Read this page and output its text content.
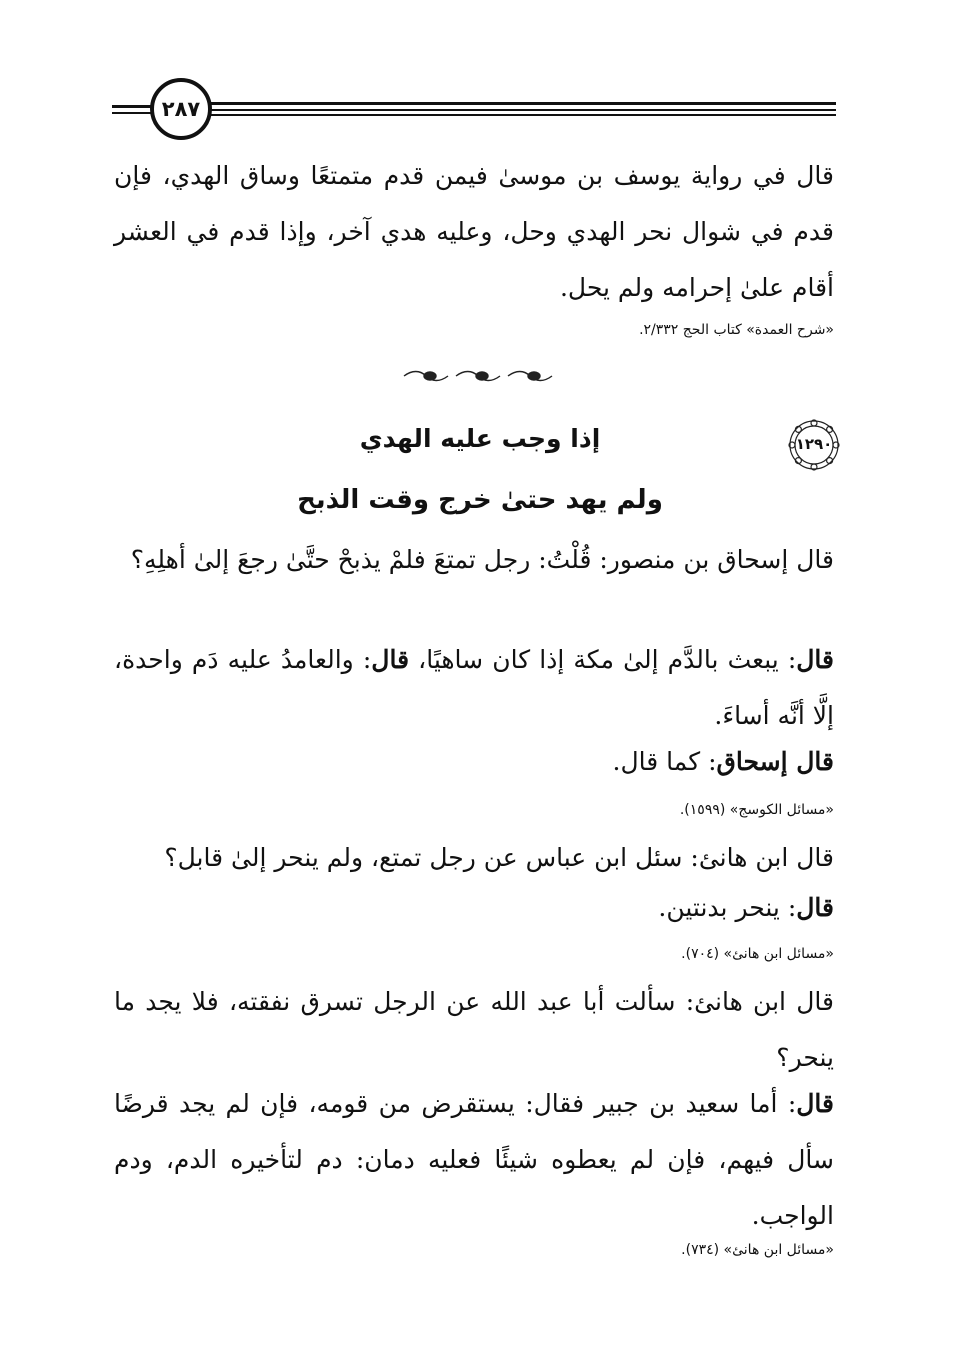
٢٨٧

قال في رواية يوسف بن موسىٰ فيمن قدم متمتعًا وساق الهدي، فإن قدم في شوال نحر الهدي وحل، وعليه هدي آخر، وإذا قدم في العشر أقام علىٰ إحرامه ولم يحل.

«شرح العمدة» كتاب الحج ٢/٣٣٢.
١٢٩٠
إذا وجب عليه الهدي
ولم يهد حتىٰ خرج وقت الذبح

قال إسحاق بن منصور: قُلْتُ: رجل تمتعَ فلمْ يذبحْ حتَّىٰ رجعَ إلىٰ أهلِهِ؟

قال: يبعث بالدَّم إلىٰ مكة إذا كان ساهيًا، قال: والعامدُ عليه دَم واحدة، إلَّا أنَّه أساءَ.

قال إسحاق: كما قال.

«مسائل الكوسج» (١٥٩٩).

قال ابن هانئ: سئل ابن عباس عن رجل تمتع، ولم ينحر إلىٰ قابل؟

قال: ينحر بدنتين.

«مسائل ابن هانئ» (٧٠٤).

قال ابن هانئ: سألت أبا عبد الله عن الرجل تسرق نفقته، فلا يجد ما ينحر؟

قال: أما سعيد بن جبير فقال: يستقرض من قومه، فإن لم يجد قرضًا سأل فيهم، فإن لم يعطوه شيئًا فعليه دمان: دم لتأخيره الدم، ودم الواجب.

«مسائل ابن هانئ» (٧٣٤).
